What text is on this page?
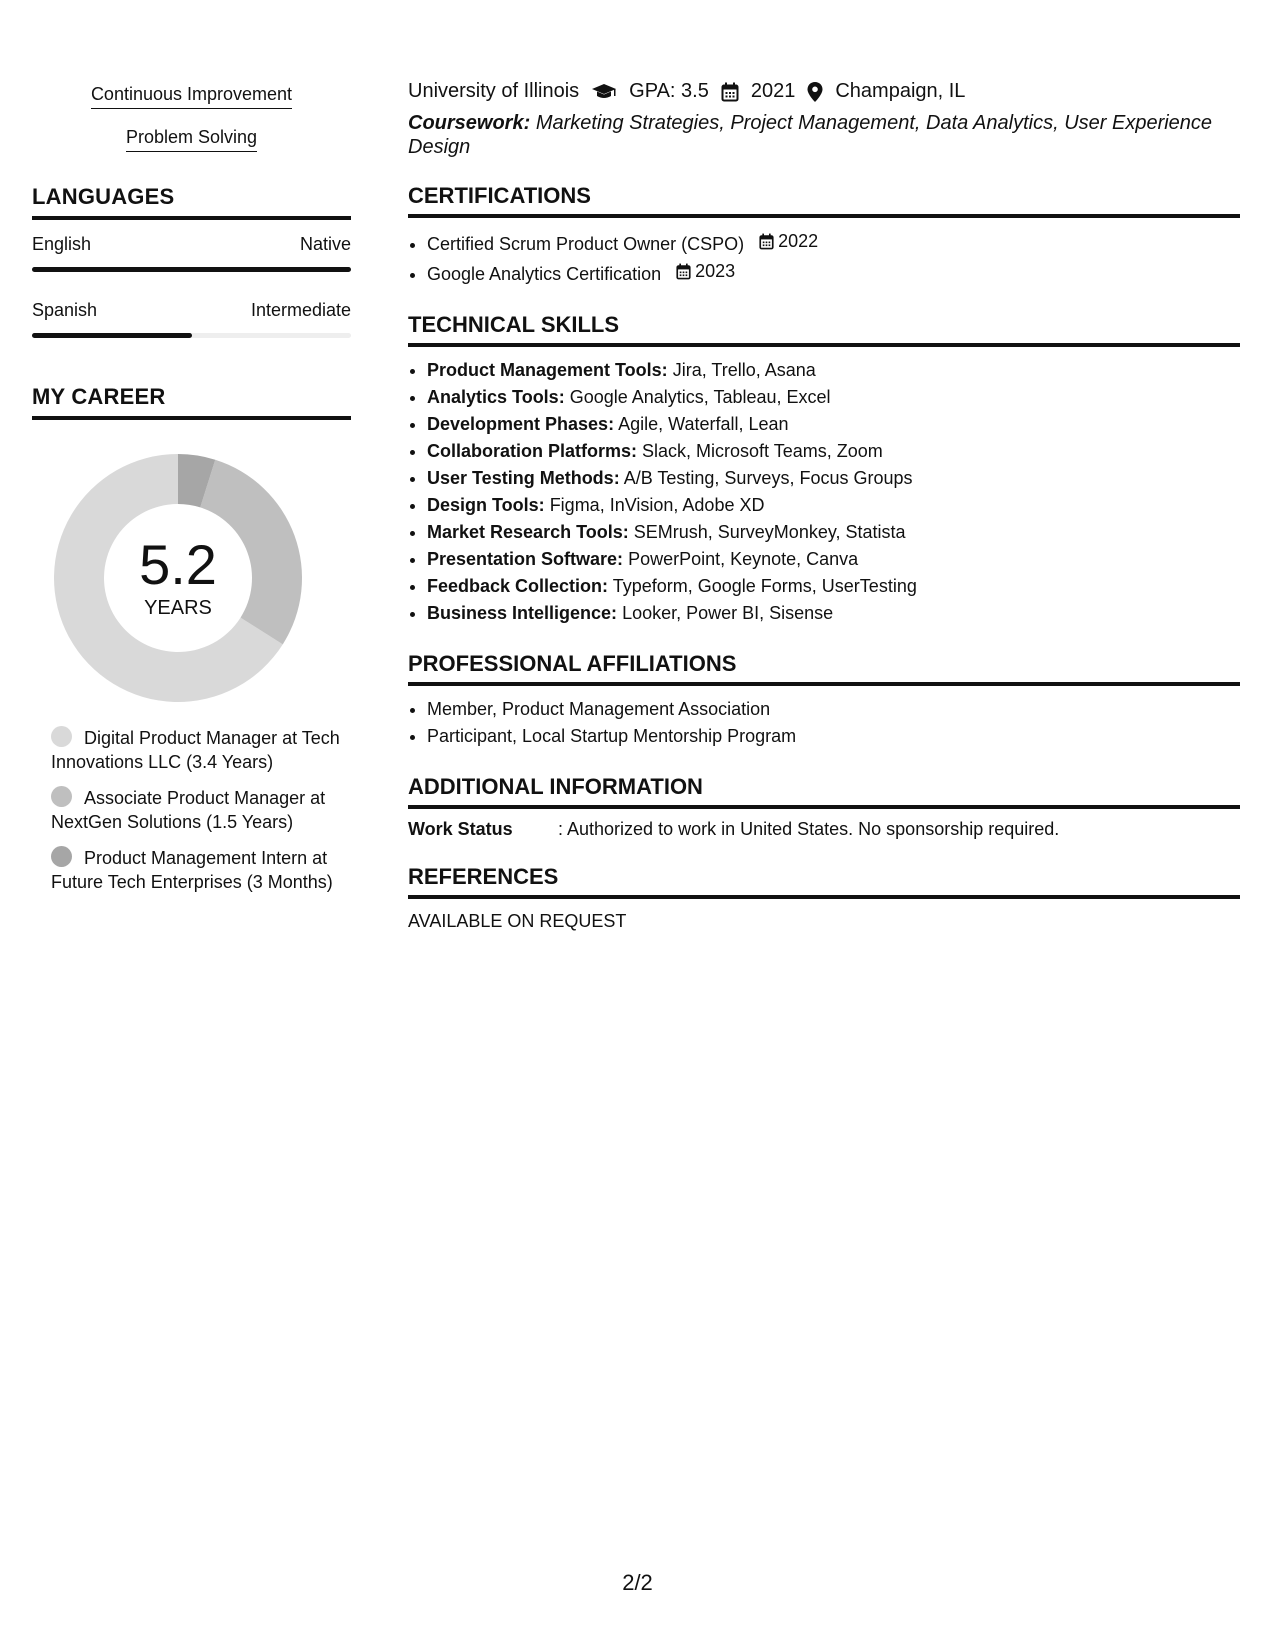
Continuous Improvement
Problem Solving
LANGUAGES
English	Native
Spanish	Intermediate
MY CAREER
5.2
YEARS
Digital Product Manager at Tech Innovations LLC (3.4 Years)
Associate Product Manager at NextGen Solutions (1.5 Years)
Product Management Intern at Future Tech Enterprises (3 Months)
University of Illinois	GPA: 3.5 2021 Champaign, IL
Coursework: Marketing Strategies, Project Management, Data Analytics, User Experience Design
CERTIFICATIONS
• Certified Scrum Product Owner (CSPO) 2022
• Google Analytics Certification 2023
TECHNICAL SKILLS
• Product Management Tools: Jira, Trello, Asana
• Analytics Tools: Google Analytics, Tableau, Excel
• Development Phases: Agile, Waterfall, Lean
• Collaboration Platforms: Slack, Microsoft Teams, Zoom
• User Testing Methods: A/B Testing, Surveys, Focus Groups
• Design Tools: Figma, InVision, Adobe XD
• Market Research Tools: SEMrush, SurveyMonkey, Statista
• Presentation Software: PowerPoint, Keynote, Canva
• Feedback Collection: Typeform, Google Forms, UserTesting
• Business Intelligence: Looker, Power BI, Sisense
PROFESSIONAL AFFILIATIONS
• Member, Product Management Association
• Participant, Local Startup Mentorship Program
ADDITIONAL INFORMATION
Work Status	: Authorized to work in United States. No sponsorship required.
REFERENCES
AVAILABLE ON REQUEST
2/2
